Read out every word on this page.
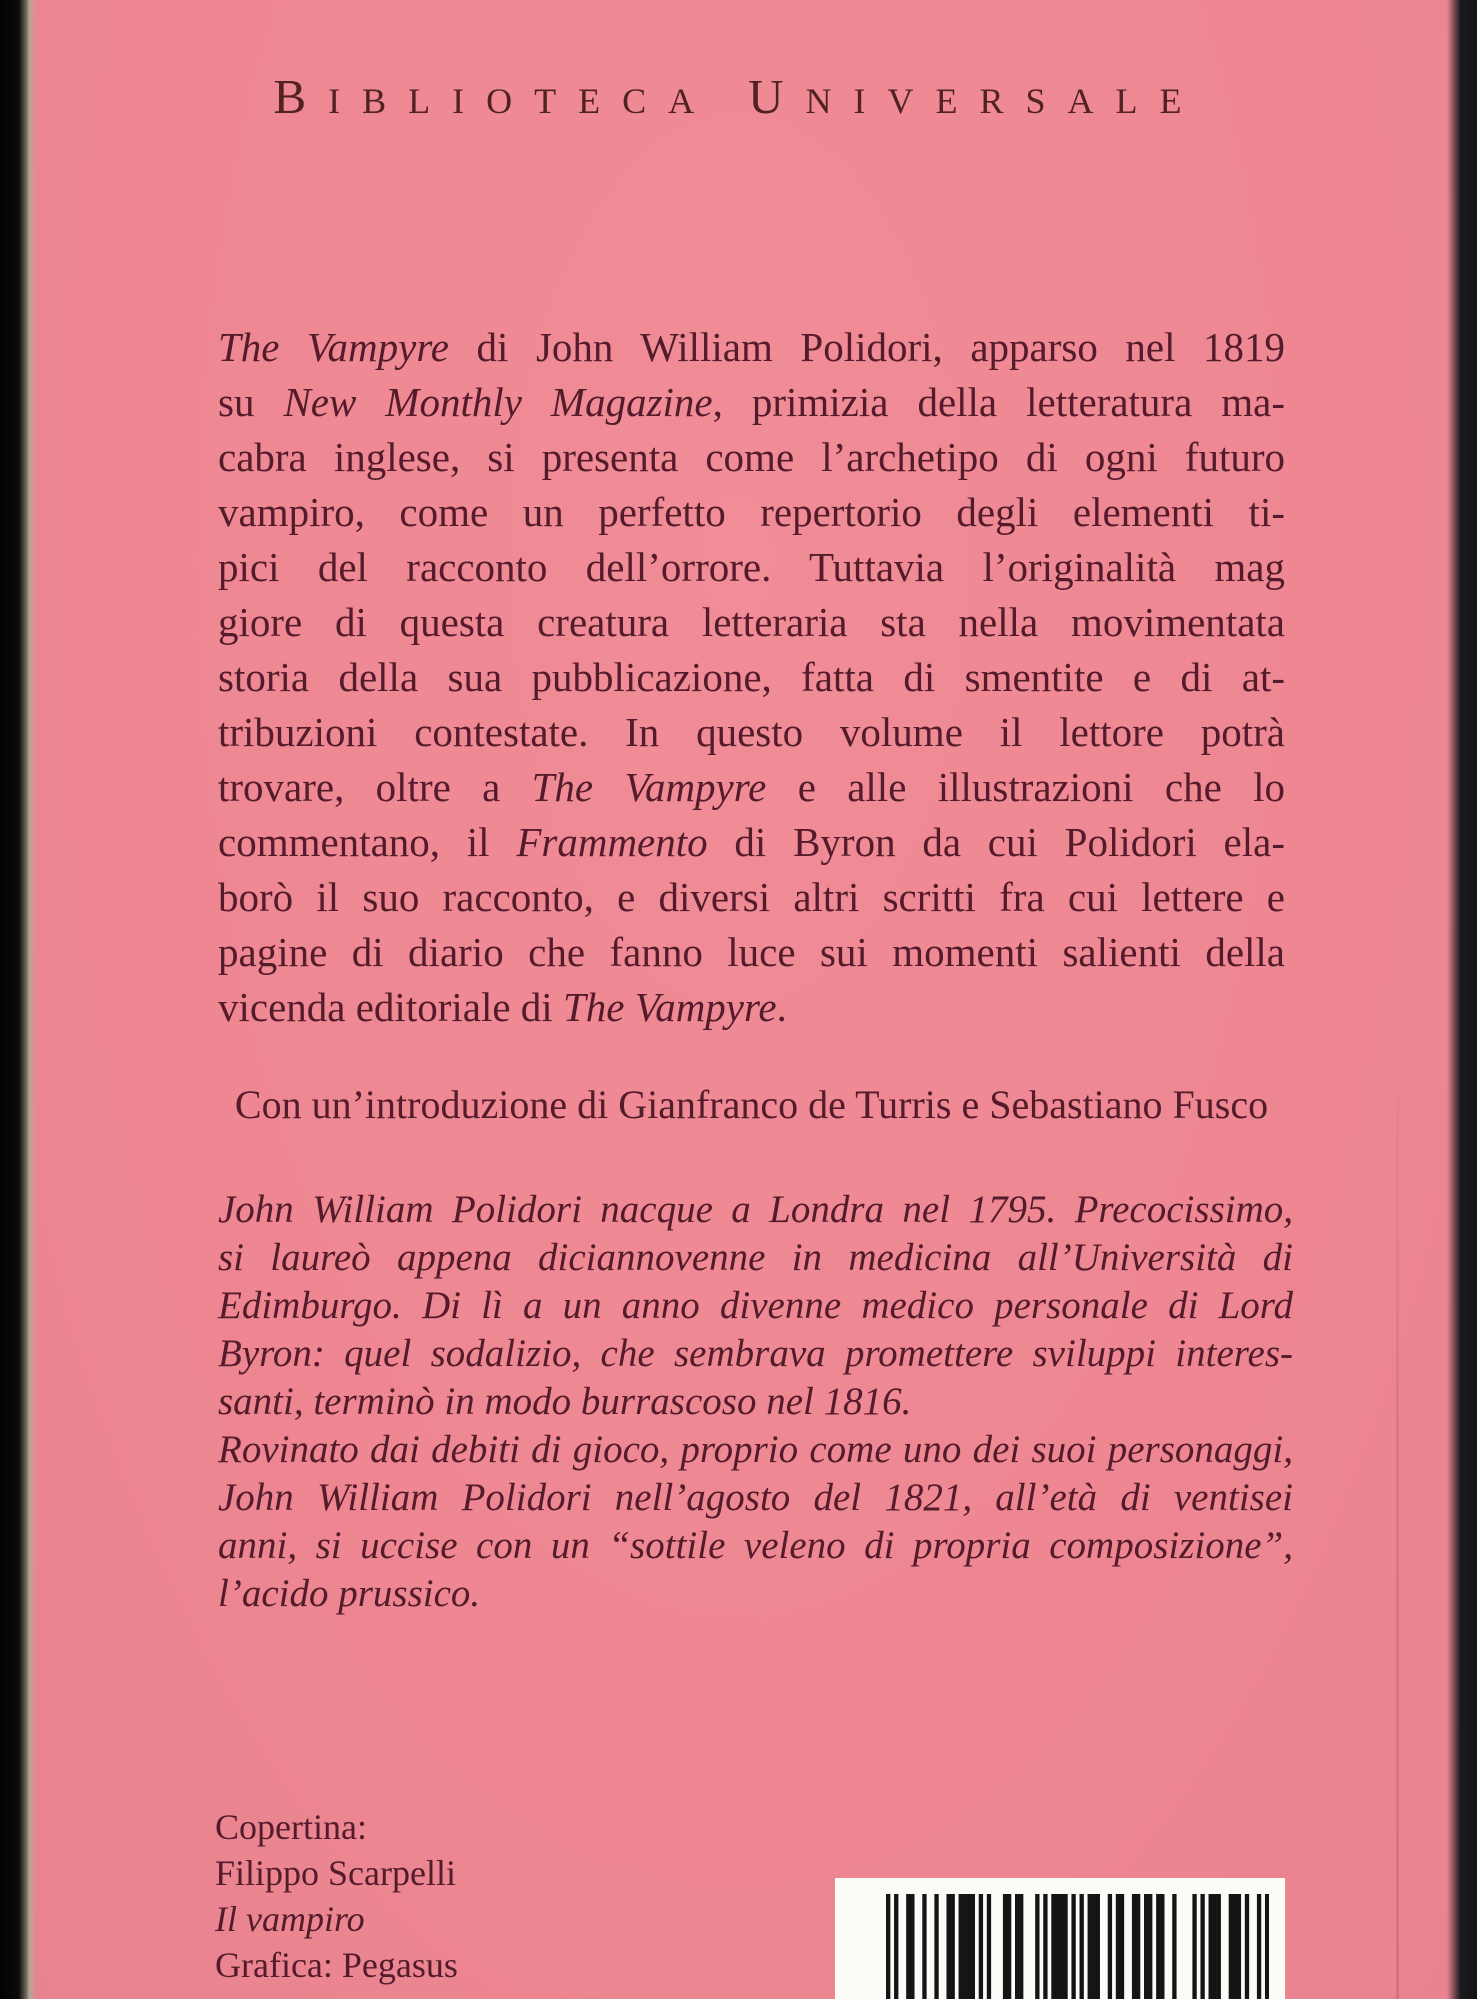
BIBLIOTECA UNIVERSALE
The Vampyre di John William Polidori, apparso nel 1819
su New Monthly Magazine, primizia della letteratura ma-
cabra inglese, si presenta come l’archetipo di ogni futuro
vampiro, come un perfetto repertorio degli elementi ti-
pici del racconto dell’orrore. Tuttavia l’originalità mag
giore di questa creatura letteraria sta nella movimentata
storia della sua pubblicazione, fatta di smentite e di at-
tribuzioni contestate. In questo volume il lettore potrà
trovare, oltre a The Vampyre e alle illustrazioni che lo
commentano, il Frammento di Byron da cui Polidori ela-
borò il suo racconto, e diversi altri scritti fra cui lettere e
pagine di diario che fanno luce sui momenti salienti della
vicenda editoriale di The Vampyre.
Con un’introduzione di Gianfranco de Turris e Sebastiano Fusco
John William Polidori nacque a Londra nel 1795. Precocissimo,
si laureò appena diciannovenne in medicina all’Università di
Edimburgo. Di lì a un anno divenne medico personale di Lord
Byron: quel sodalizio, che sembrava promettere sviluppi interes-
santi, terminò in modo burrascoso nel 1816.
Rovinato dai debiti di gioco, proprio come uno dei suoi personaggi,
John William Polidori nell’agosto del 1821, all’età di ventisei
anni, si uccise con un “sottile veleno di propria composizione”,
l’acido prussico.
Copertina:
Filippo Scarpelli
Il vampiro
Grafica: Pegasus
